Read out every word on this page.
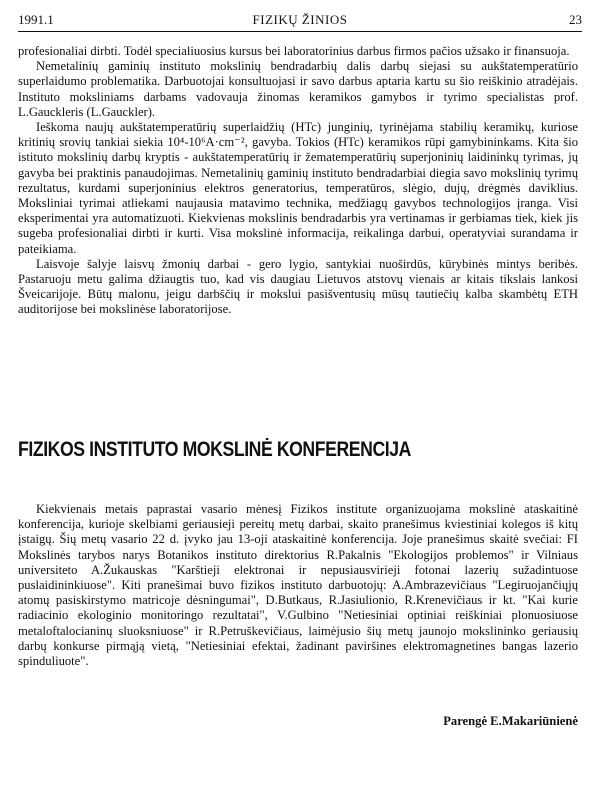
1991.1	FIZIKŲ ŽINIOS	23

profesionaliai dirbti. Todėl specialiuosius kursus bei laboratorinius darbus firmos pačios užsako ir finansuoja.

Nemetalinių gaminių instituto mokslinių bendradarbių dalis darbų siejasi su aukštatemperatūrio superlaidumo problematika. Darbuotojai konsultuojasi ir savo darbus aptaria kartu su šio reiškinio atradėjais. Instituto moksliniams darbams vadovauja žinomas keramikos gamybos ir tyrimo specialistas prof. L.Gauckleris (L.Gauckler).

Ieškoma naujų aukštatemperatūrių superlaidžių (HTc) junginių, tyrinėjama stabilių keramikų, kuriose kritinių srovių tankiai siekia 10⁴-10⁶A·cm⁻², gavyba. Tokios (HTc) keramikos rūpi gamybininkams. Kita šio istituto mokslinių darbų kryptis - aukštatemperatūrių ir žematemperatūrių superjoninių laidininkų tyrimas, jų gavyba bei praktinis panaudojimas. Nemetalinių gaminių instituto bendradarbiai diegia savo mokslinių tyrimų rezultatus, kurdami superjoninius elektros generatorius, temperatūros, slėgio, dujų, drėgmės daviklius. Moksliniai tyrimai atliekami naujausia matavimo technika, medžiagų gavybos technologijos įranga. Visi eksperimentai yra automatizuoti. Kiekvienas mokslinis bendradarbis yra vertinamas ir gerbiamas tiek, kiek jis sugeba profesionaliai dirbti ir kurti. Visa mokslinė informacija, reikalinga darbui, operatyviai surandama ir pateikiama.

Laisvoje šalyje laisvų žmonių darbai - gero lygio, santykiai nuoširdūs, kūrybinės mintys beribės. Pastaruoju metu galima džiaugtis tuo, kad vis daugiau Lietuvos atstovų vienais ar kitais tikslais lankosi Šveicarijoje. Būtų malonu, jeigu darbščių ir mokslui pasišventusių mūsų tautiečių kalba skambėtų ETH auditorijose bei mokslinėse laboratorijose.

FIZIKOS INSTITUTO MOKSLINĖ KONFERENCIJA

Kiekvienais metais paprastai vasario mėnesį Fizikos institute organizuojama mokslinė ataskaitinė konferencija, kurioje skelbiami geriausieji pereitų metų darbai, skaito pranešimus kviestiniai kolegos iš kitų įstaigų. Šių metų vasario 22 d. įvyko jau 13-oji ataskaitinė konferencija. Joje pranešimus skaitė svečiai: FI Mokslinės tarybos narys Botanikos instituto direktorius R.Pakalnis "Ekologijos problemos" ir Vilniaus universiteto A.Žukauskas "Karštieji elektronai ir nepusiausvirieji fotonai lazerių sužadintuose puslaidininkiuose". Kiti pranešimai buvo fizikos instituto darbuotojų: A.Ambrazevičiaus "Legiruojančiųjų atomų pasiskirstymo matricoje dėsningumai", D.Butkaus, R.Jasiulionio, R.Krenevičiaus ir kt. "Kai kurie radiacinio ekologinio monitoringo rezultatai", V.Gulbino "Netiesiniai optiniai reiškiniai plonuosiuose metaloftalocianinų sluoksniuose" ir R.Petruškevičiaus, laimėjusio šių metų jaunojo mokslininko geriausių darbų konkurse pirmąją vietą, "Netiesiniai efektai, žadinant paviršines elektromagnetines bangas lazerio spinduliuote".

Parengė E.Makariūnienė
